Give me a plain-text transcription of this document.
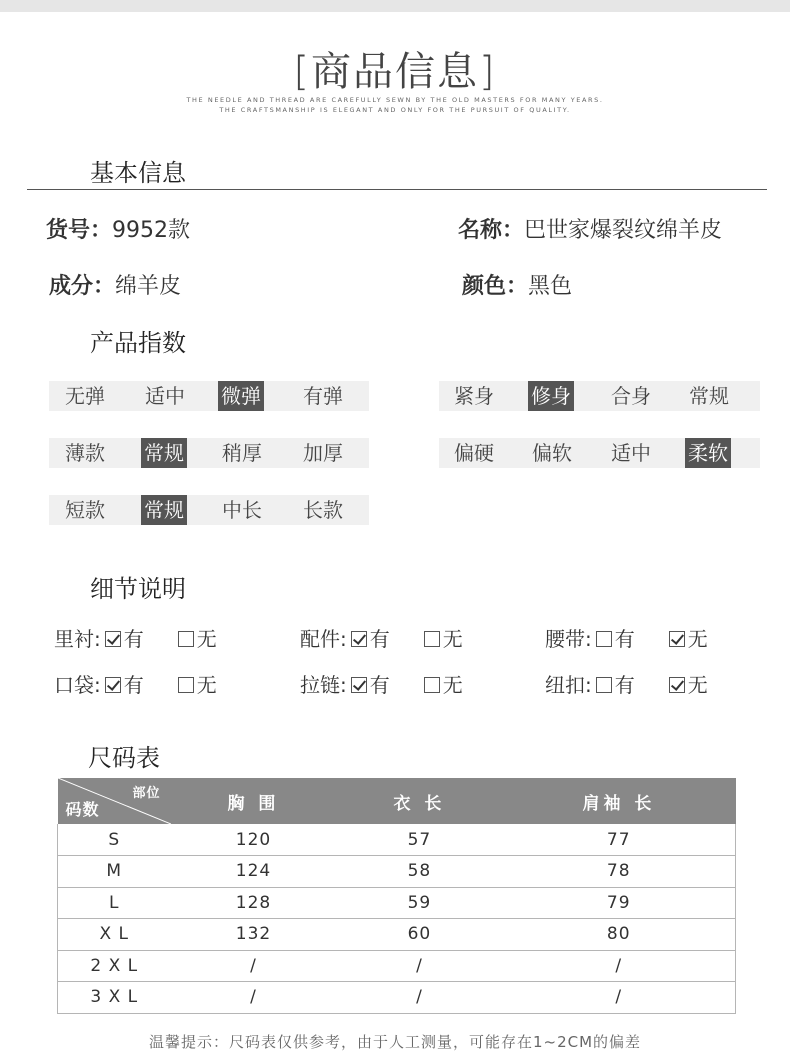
[商品信息]
THE NEEDLE AND THREAD ARE CAREFULLY SEWN BY THE OLD MASTERS FOR MANY YEARS.
THE CRAFTSMANSHIP IS ELEGANT AND ONLY FOR THE PURSUIT OF QUALITY.
基本信息
货号：9952款	名称：巴世家爆裂纹绵羊皮
成分：绵羊皮	颜色：黑色
产品指数
无弹	适中	微弹	有弹	紧身	修身	合身	常规
薄款	常规	稍厚	加厚	偏硬	偏软	适中	柔软
短款	常规	中长	长款
细节说明
里衬: 有	无	配件: 有	无	腰带: 有	无
口袋: 有	无	拉链: 有	无	纽扣: 有	无
尺码表
部位
码数	胸 围	衣 长	肩袖 长
S	120	57	77
M	124	58	78
L	128	59	79
X L	132	60	80
2 X L	/	/	/
3 X L	/	/	/
温馨提示：尺码表仅供参考，由于人工测量，可能存在1~2CM的偏差
